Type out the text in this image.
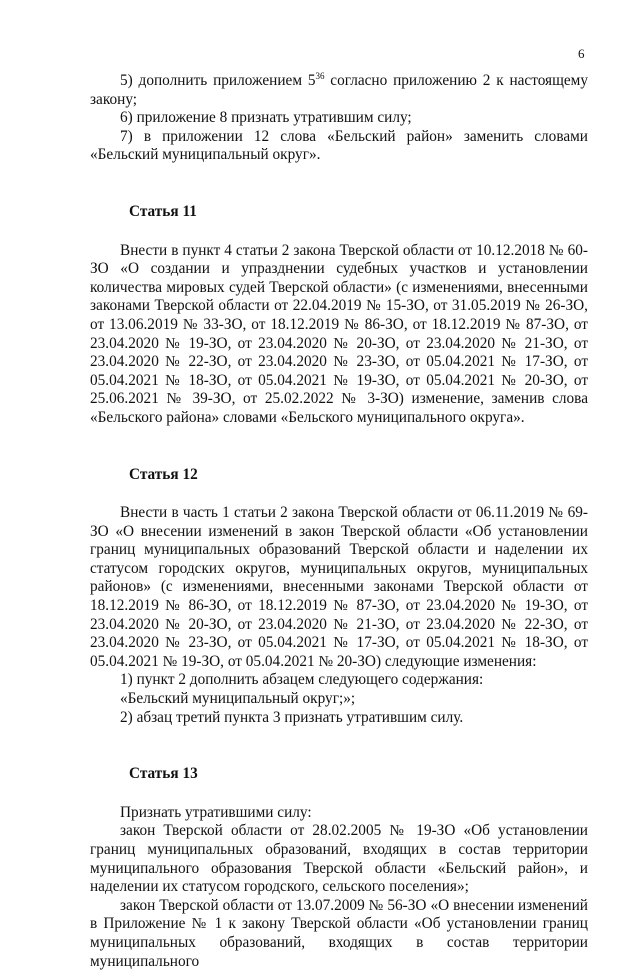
6

5) дополнить приложением $5^{36}$ согласно приложению 2 к настоящему закону;

6) приложение 8 признать утратившим силу;

7) в приложении 12 слова «Бельский район» заменить словами «Бельский муниципальный округ».

Статья 11

Внести в пункт 4 статьи 2 закона Тверской области от 10.12.2018 № 60-ЗО «О создании и упразднении судебных участков и установлении количества мировых судей Тверской области» (с изменениями, внесенными законами Тверской области от 22.04.2019 № 15-ЗО, от 31.05.2019 № 26-ЗО, от 13.06.2019 № 33-ЗО, от 18.12.2019 № 86-ЗО, от 18.12.2019 № 87-ЗО, от 23.04.2020 № 19-ЗО, от 23.04.2020 № 20-ЗО, от 23.04.2020 № 21-ЗО, от 23.04.2020 № 22-ЗО, от 23.04.2020 № 23-ЗО, от 05.04.2021 № 17-ЗО, от 05.04.2021 № 18-ЗО, от 05.04.2021 № 19-ЗО, от 05.04.2021 № 20-ЗО, от 25.06.2021 № 39-ЗО, от 25.02.2022 № 3-ЗО) изменение, заменив слова «Бельского района» словами «Бельского муниципального округа».

Статья 12

Внести в часть 1 статьи 2 закона Тверской области от 06.11.2019 № 69-ЗО «О внесении изменений в закон Тверской области «Об установлении границ муниципальных образований Тверской области и наделении их статусом городских округов, муниципальных округов, муниципальных районов» (с изменениями, внесенными законами Тверской области от 18.12.2019 № 86-ЗО, от 18.12.2019 № 87-ЗО, от 23.04.2020 № 19-ЗО, от 23.04.2020 № 20-ЗО, от 23.04.2020 № 21-ЗО, от 23.04.2020 № 22-ЗО, от 23.04.2020 № 23-ЗО, от 05.04.2021 № 17-ЗО, от 05.04.2021 № 18-ЗО, от 05.04.2021 № 19-ЗО, от 05.04.2021 № 20-ЗО) следующие изменения:

1) пункт 2 дополнить абзацем следующего содержания:

«Бельский муниципальный округ;»;

2) абзац третий пункта 3 признать утратившим силу.

Статья 13

Признать утратившими силу:

закон Тверской области от 28.02.2005 № 19-ЗО «Об установлении границ муниципальных образований, входящих в состав территории муниципального образования Тверской области «Бельский район», и наделении их статусом городского, сельского поселения»;

закон Тверской области от 13.07.2009 № 56-ЗО «О внесении изменений в Приложение № 1 к закону Тверской области «Об установлении границ муниципальных образований, входящих в состав территории муниципального
